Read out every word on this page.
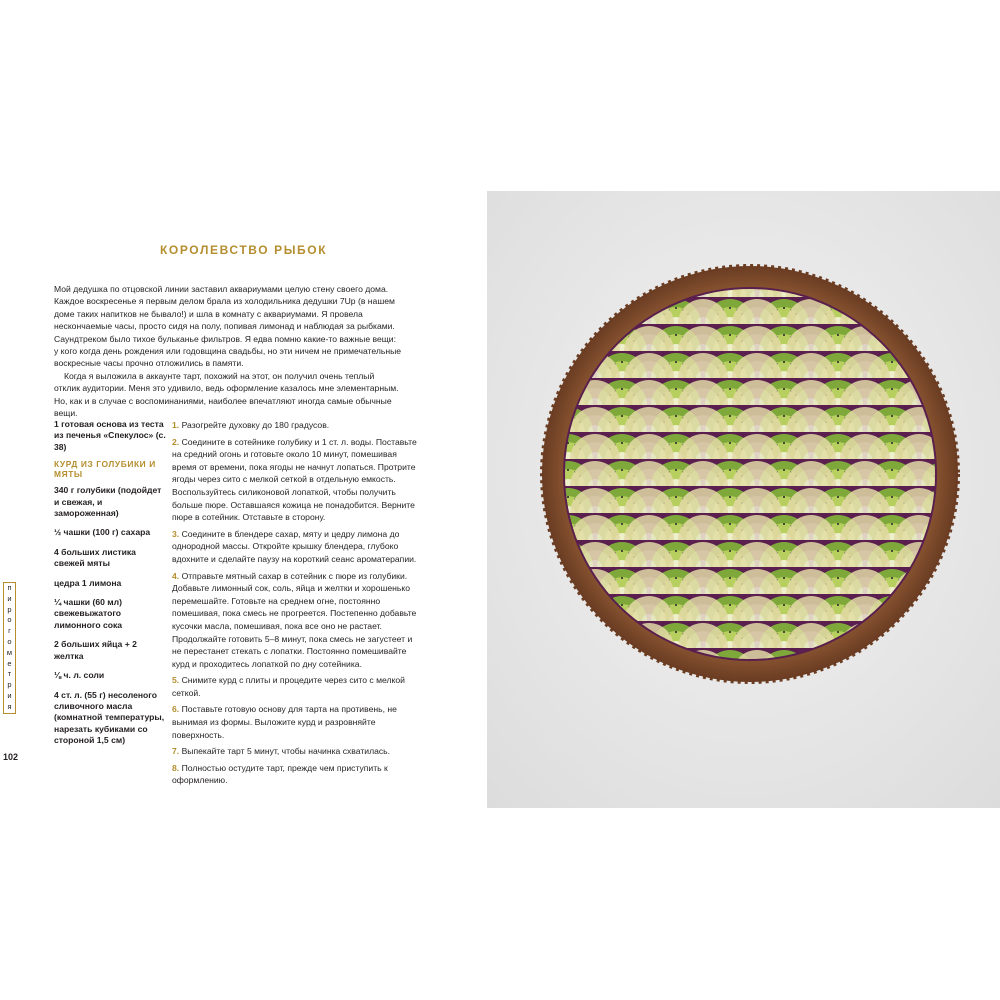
КОРОЛЕВСТВО РЫБОК

Мой дедушка по отцовской линии заставил аквариумами целую стену своего дома. Каждое воскресенье я первым делом брала из холодильника дедушки 7Up (в нашем доме таких напитков не бывало!) и шла в комнату с аквариумами. Я провела нескончаемые часы, просто сидя на полу, попивая лимонад и наблюдая за рыбками. Саундтреком было тихое бульканье фильтров. Я едва помню какие-то важные вещи: у кого когда день рождения или годовщина свадьбы, но эти ничем не примечательные воскресные часы прочно отложились в памяти.

Когда я выложила в аккаунте тарт, похожий на этот, он получил очень теплый отклик аудитории. Меня это удивило, ведь оформление казалось мне элементарным. Но, как и в случае с воспоминаниями, наиболее впечатляют иногда самые обычные вещи.

1 готовая основа из теста из печенья «Спекулос» (с. 38)
КУРД ИЗ ГОЛУБИКИ И МЯТЫ
340 г голубики (подойдет и свежая, и замороженная)
½ чашки (100 г) сахара
4 больших листика свежей мяты
цедра 1 лимона
¼ чашки (60 мл) свежевыжатого лимонного сока
2 больших яйца + 2 желтка
⅛ ч. л. соли
4 ст. л. (55 г) несоленого сливочного масла (комнатной температуры, нарезать кубиками со стороной 1,5 см)
1. Разогрейте духовку до 180 градусов.
2. Соедините в сотейнике голубику и 1 ст. л. воды. Поставьте на средний огонь и готовьте около 10 минут, помешивая время от времени, пока ягоды не начнут лопаться. Протрите ягоды через сито с мелкой сеткой в отдельную емкость. Воспользуйтесь силиконовой лопаткой, чтобы получить больше пюре. Оставшаяся кожица не понадобится. Верните пюре в сотейник. Отставьте в сторону.
3. Соедините в блендере сахар, мяту и цедру лимона до однородной массы. Откройте крышку блендера, глубоко вдохните и сделайте паузу на короткий сеанс ароматерапии.
4. Отправьте мятный сахар в сотейник с пюре из голубики. Добавьте лимонный сок, соль, яйца и желтки и хорошенько перемешайте. Готовьте на среднем огне, постоянно помешивая, пока смесь не прогреется. Постепенно добавьте кусочки масла, помешивая, пока все оно не растает. Продолжайте готовить 5–8 минут, пока смесь не загустеет и не перестанет стекать с лопатки. Постоянно помешивайте курд и проходитесь лопаткой по дну сотейника.
5. Снимите курд с плиты и процедите через сито с мелкой сеткой.
6. Поставьте готовую основу для тарта на противень, не вынимая из формы. Выложите курд и разровняйте поверхность.
7. Выпекайте тарт 5 минут, чтобы начинка схватилась.
8. Полностью остудите тарт, прежде чем приступить к оформлению.
п
и
р
о
г
о
м
е
т
р
и
я
102
